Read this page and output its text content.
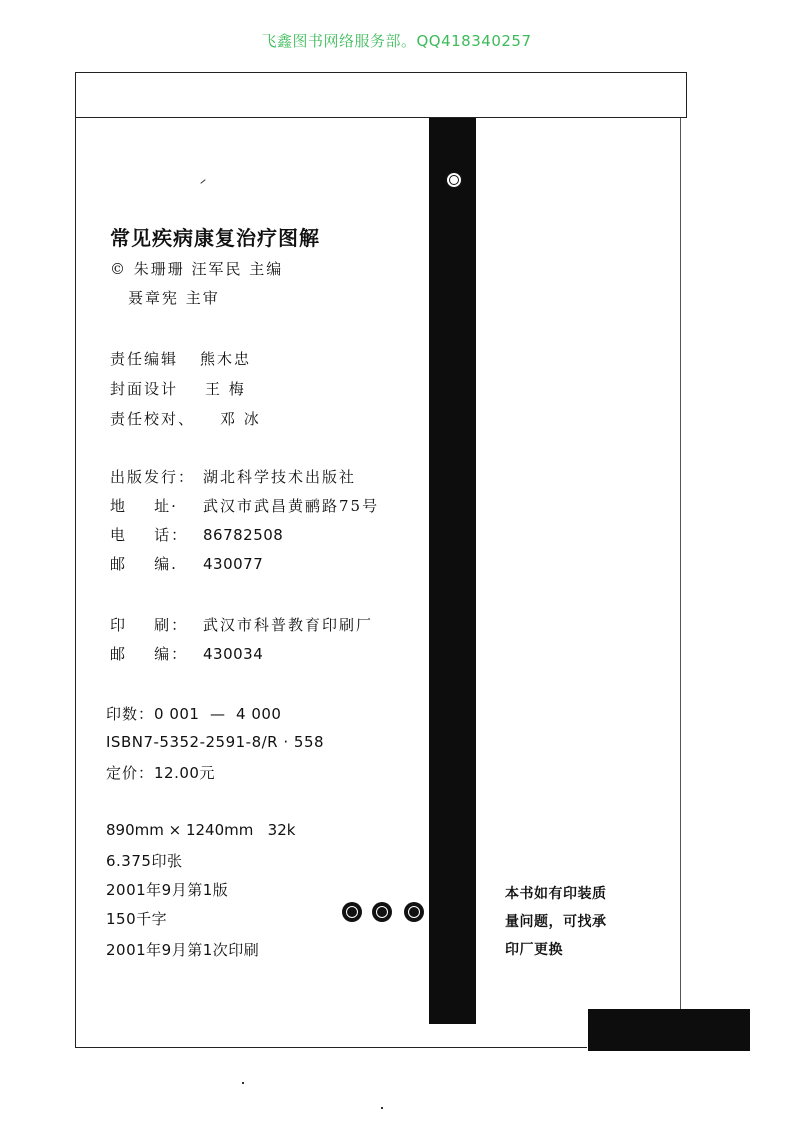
飞鑫图书网络服务部。QQ418340257
常见疾病康复治疗图解
© 朱珊珊 汪军民 主编
聂章宪 主审
责任编辑 熊木忠
封面设计 王 梅
责任校对、 邓 冰
出版发行： 湖北科学技术出版社
地    址· 武汉市武昌黄鹂路75号
电    话： 86782508
邮    编. 430077
印    刷： 武汉市科普教育印刷厂
邮    编： 430034
印数：0 001  —  4 000
ISBN7-5352-2591-8/R · 558
定价：12.00元
890mm × 1240mm   32k
6.375印张
2001年9月第1版
150千字
2001年9月第1次印刷
本书如有印装质
量问题，可找承
印厂更换
